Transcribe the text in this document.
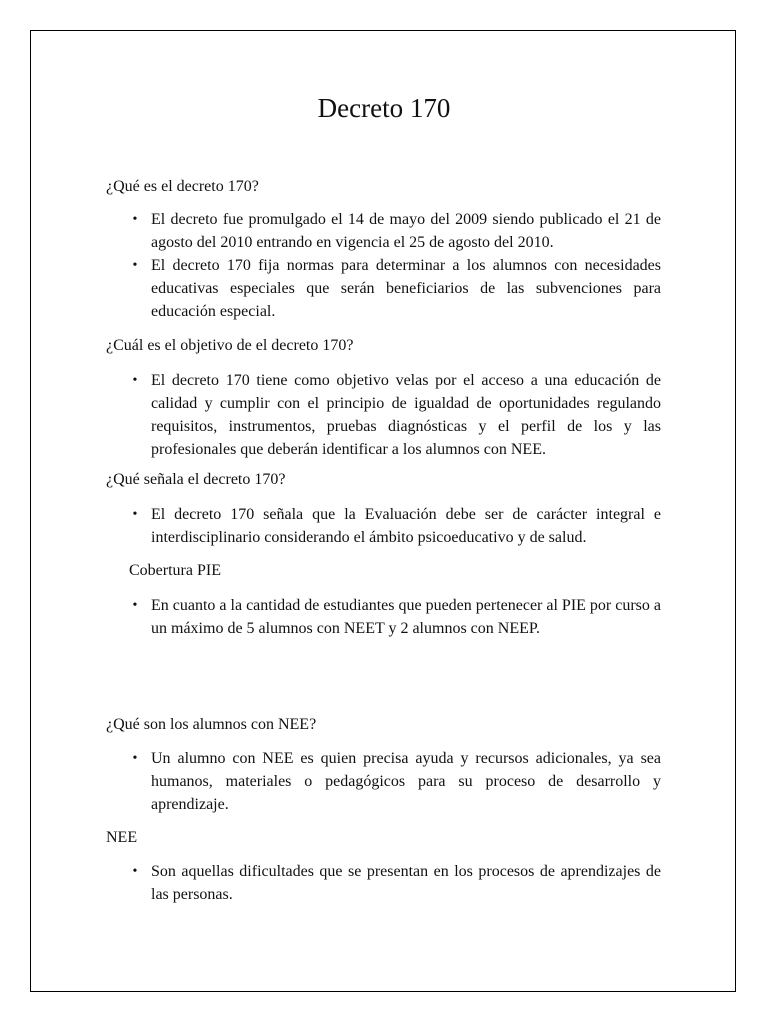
Decreto 170

¿Qué es el decreto 170?

• El decreto fue promulgado el 14 de mayo del 2009 siendo publicado el 21 de agosto del 2010 entrando en vigencia el 25 de agosto del 2010.
• El decreto 170 fija normas para determinar a los alumnos con necesidades educativas especiales que serán beneficiarios de las subvenciones para educación especial.

¿Cuál es el objetivo de el decreto 170?

• El decreto 170 tiene como objetivo velas por el acceso a una educación de calidad y cumplir con el principio de igualdad de oportunidades regulando requisitos, instrumentos, pruebas diagnósticas y el perfil de los y las profesionales que deberán identificar a los alumnos con NEE.

¿Qué señala el decreto 170?

• El decreto 170 señala que la Evaluación debe ser de carácter integral e interdisciplinario considerando el ámbito psicoeducativo y de salud.

Cobertura PIE

• En cuanto a la cantidad de estudiantes que pueden pertenecer al PIE por curso a un máximo de 5 alumnos con NEET y 2 alumnos con NEEP.

¿Qué son los alumnos con NEE?

• Un alumno con NEE es quien precisa ayuda y recursos adicionales, ya sea humanos, materiales o pedagógicos para su proceso de desarrollo y aprendizaje.

NEE

• Son aquellas dificultades que se presentan en los procesos de aprendizajes de las personas.
